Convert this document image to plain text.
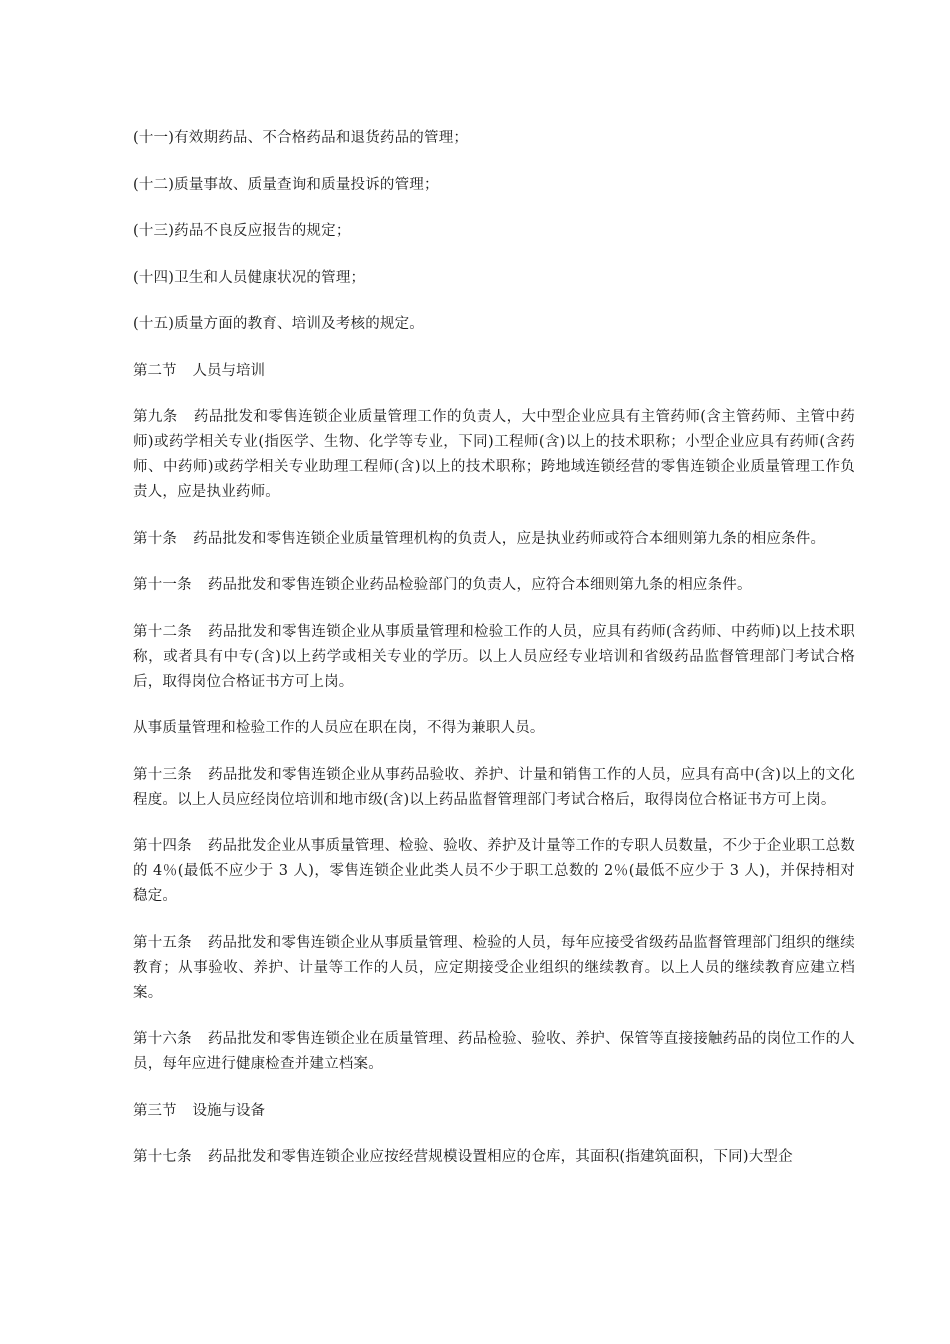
(十一)有效期药品、不合格药品和退货药品的管理；

(十二)质量事故、质量查询和质量投诉的管理；

(十三)药品不良反应报告的规定；

(十四)卫生和人员健康状况的管理；

(十五)质量方面的教育、培训及考核的规定。

第二节 人员与培训

第九条 药品批发和零售连锁企业质量管理工作的负责人，大中型企业应具有主管药师(含主管药师、主管中药师)或药学相关专业(指医学、生物、化学等专业，下同)工程师(含)以上的技术职称；小型企业应具有药师(含药师、中药师)或药学相关专业助理工程师(含)以上的技术职称；跨地域连锁经营的零售连锁企业质量管理工作负责人，应是执业药师。

第十条 药品批发和零售连锁企业质量管理机构的负责人，应是执业药师或符合本细则第九条的相应条件。

第十一条 药品批发和零售连锁企业药品检验部门的负责人，应符合本细则第九条的相应条件。

第十二条 药品批发和零售连锁企业从事质量管理和检验工作的人员，应具有药师(含药师、中药师)以上技术职称，或者具有中专(含)以上药学或相关专业的学历。以上人员应经专业培训和省级药品监督管理部门考试合格后，取得岗位合格证书方可上岗。

从事质量管理和检验工作的人员应在职在岗，不得为兼职人员。

第十三条 药品批发和零售连锁企业从事药品验收、养护、计量和销售工作的人员，应具有高中(含)以上的文化程度。以上人员应经岗位培训和地市级(含)以上药品监督管理部门考试合格后，取得岗位合格证书方可上岗。

第十四条 药品批发企业从事质量管理、检验、验收、养护及计量等工作的专职人员数量，不少于企业职工总数的 4％(最低不应少于 3 人)，零售连锁企业此类人员不少于职工总数的 2％(最低不应少于 3 人)，并保持相对稳定。

第十五条 药品批发和零售连锁企业从事质量管理、检验的人员，每年应接受省级药品监督管理部门组织的继续教育；从事验收、养护、计量等工作的人员，应定期接受企业组织的继续教育。以上人员的继续教育应建立档案。

第十六条 药品批发和零售连锁企业在质量管理、药品检验、验收、养护、保管等直接接触药品的岗位工作的人员，每年应进行健康检查并建立档案。

第三节 设施与设备

第十七条 药品批发和零售连锁企业应按经营规模设置相应的仓库，其面积(指建筑面积，下同)大型企
